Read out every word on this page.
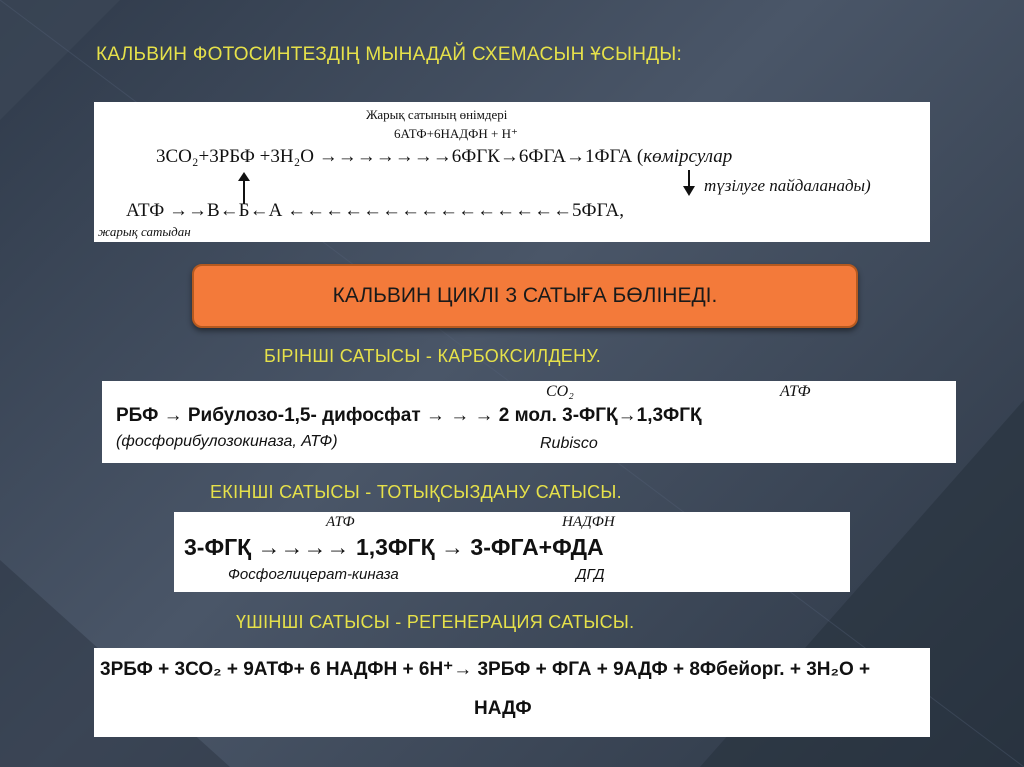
КАЛЬВИН ФОТОСИНТЕЗДІҢ МЫНАДАЙ СХЕМАСЫН ҰСЫНДЫ:
Жарық сатының өнімдері
6АТФ+6НАДФН + Н⁺
3СО₂+3РБФ +3Н₂О →→→→→→→6ФГК→6ФГА→1ФГА (көмірсулар
түзілуге пайдаланады)
АТФ →→В←Б←А ←←←←←←←←←←←←←←←5ФГА,
жарық сатыдан
КАЛЬВИН ЦИКЛІ 3 САТЫҒА БӨЛІНЕДІ.
БІРІНШІ САТЫСЫ - КАРБОКСИЛДЕНУ.
CO₂	АТФ
РБФ → Рибулозо-1,5- дифосфат → → → 2 мол. 3-ФГҚ→1,3ФГҚ
(фосфорибулозокиназа, АТФ)	Rubisco
ЕКІНШІ САТЫСЫ - ТОТЫҚСЫЗДАНУ САТЫСЫ.
АТФ	НАДФН
3-ФГҚ →→→→ 1,3ФГҚ → 3-ФГА+ФДА
Фосфоглицерат-киназа	ДГД
ҮШІНШІ САТЫСЫ - РЕГЕНЕРАЦИЯ САТЫСЫ.
3РБФ + 3СО₂ + 9АТФ+ 6 НАДФН + 6Н⁺→ 3РБФ + ФГА + 9АДФ + 8Фбейорг. + 3Н₂О +
НАДФ
